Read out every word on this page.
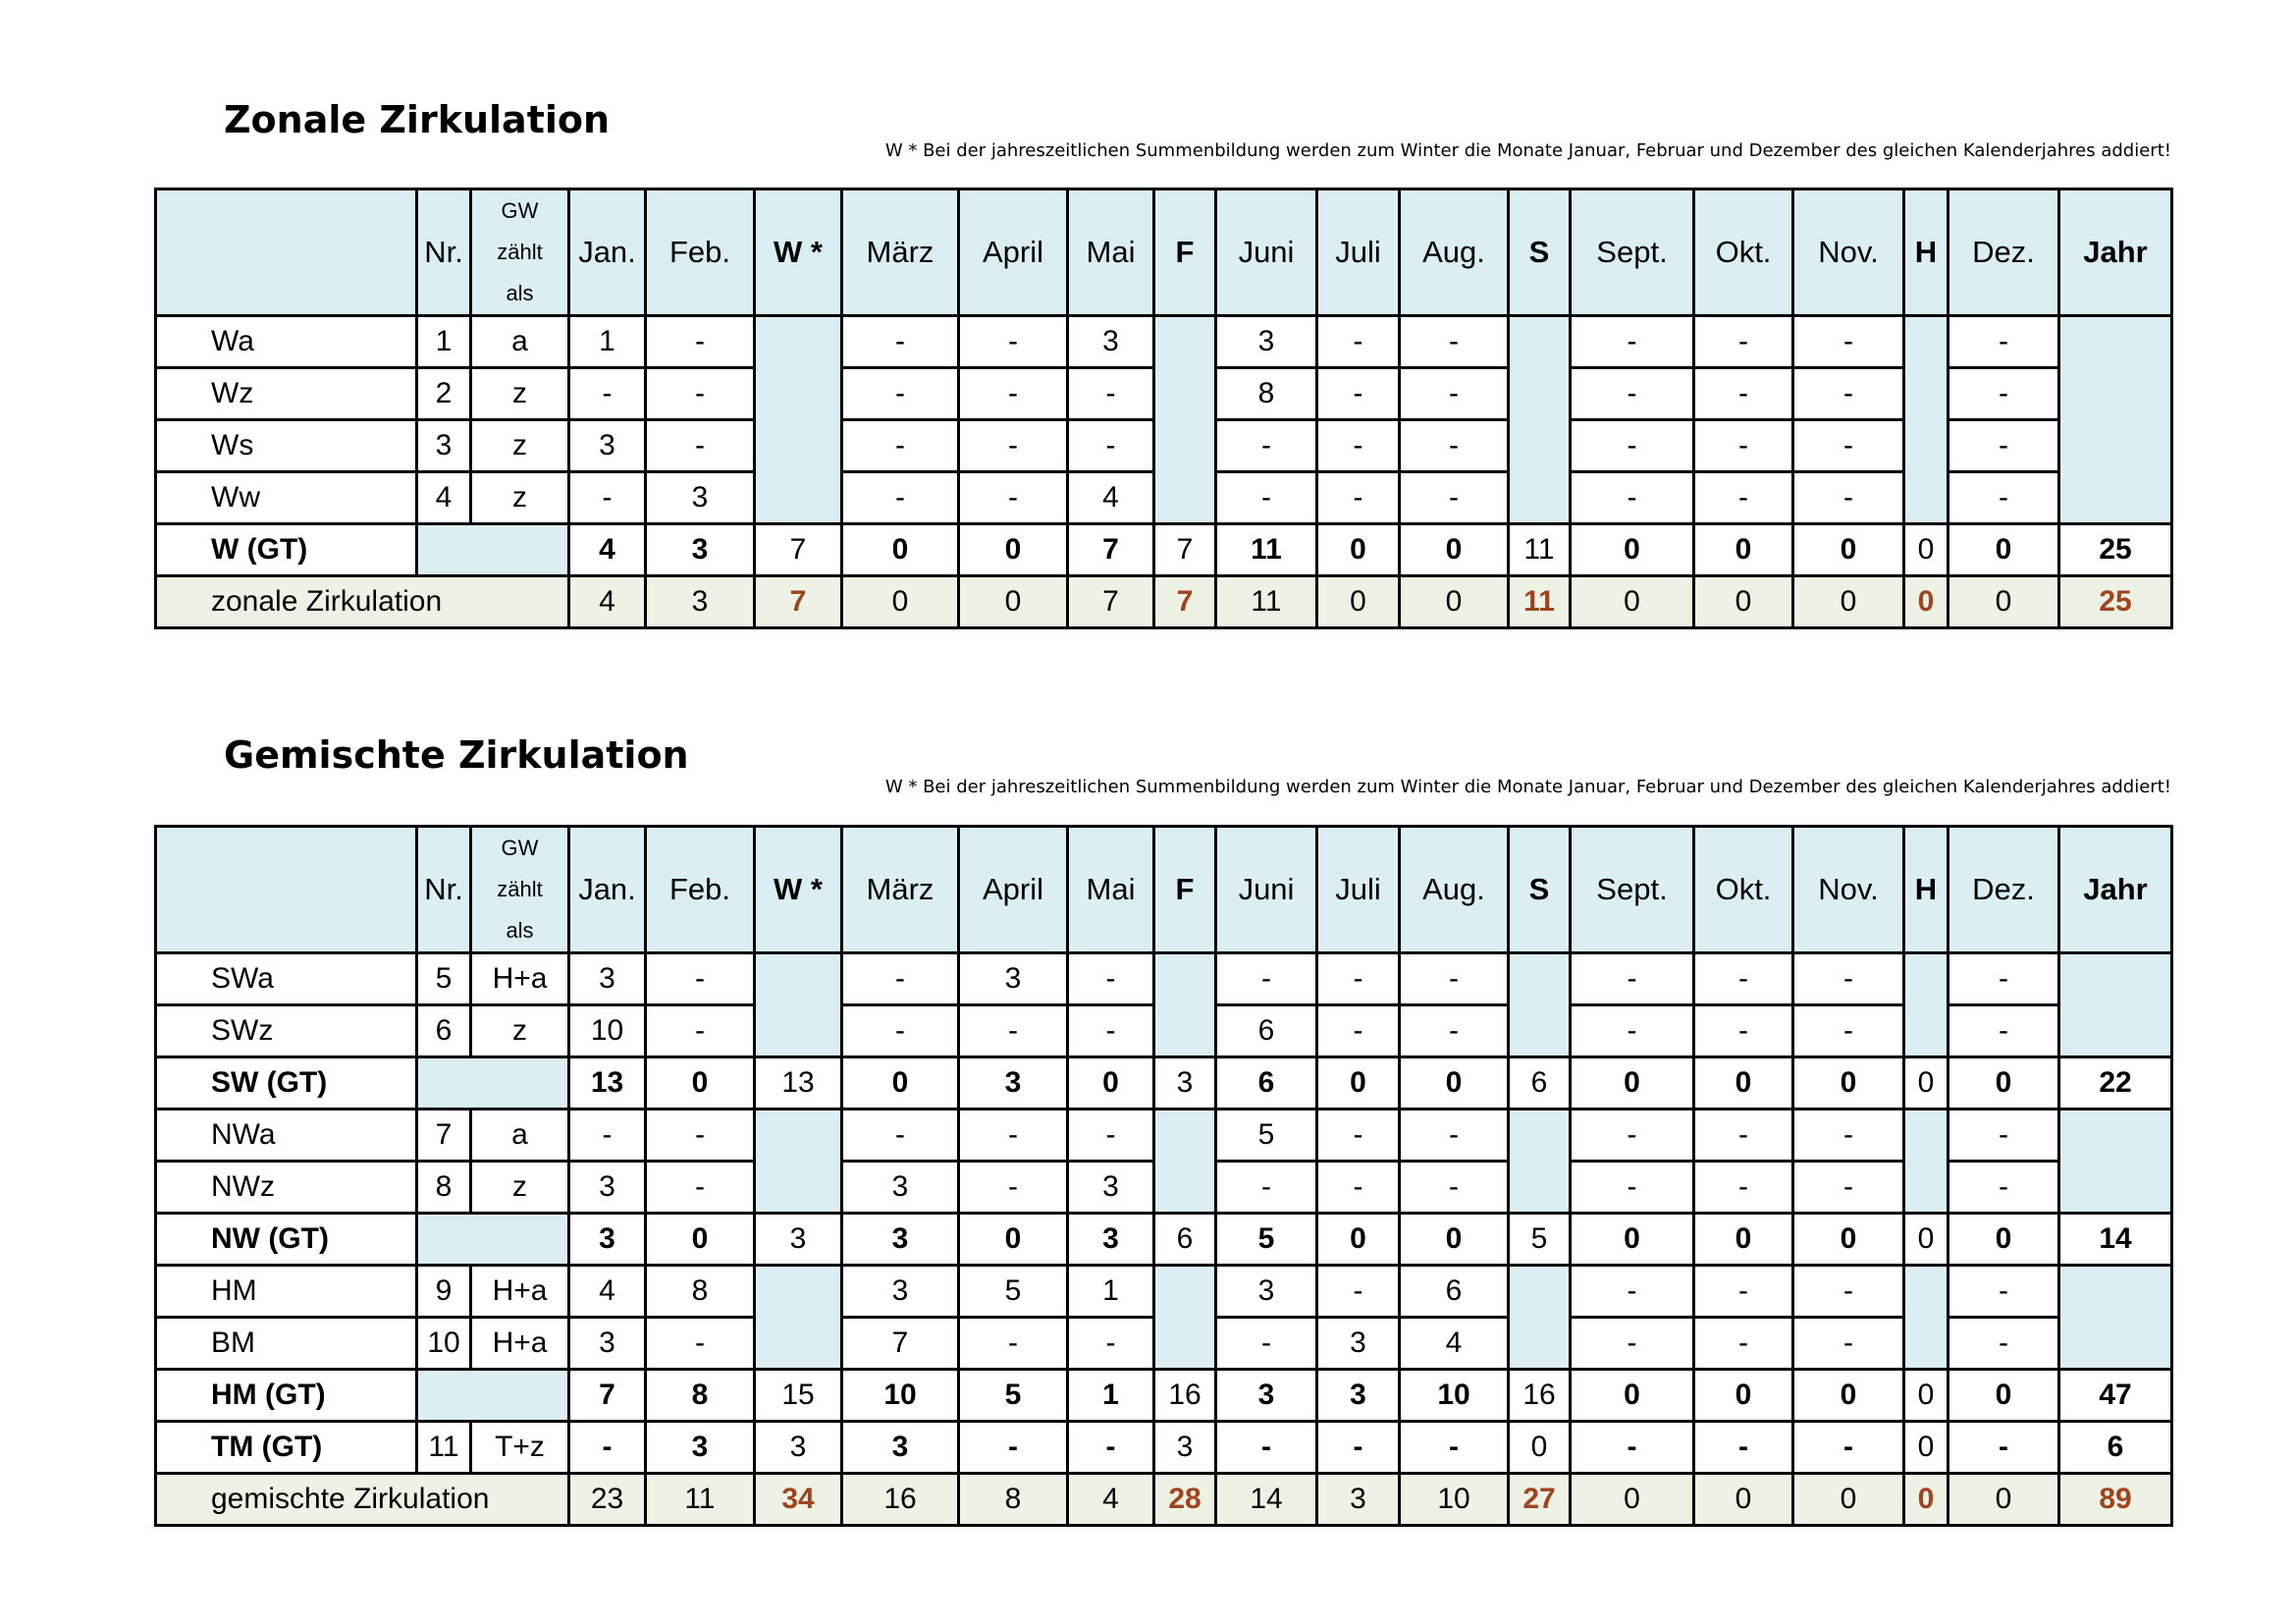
Zonale Zirkulation
W * Bei der jahreszeitlichen Summenbildung werden zum Winter die Monate Januar, Februar und Dezember des gleichen Kalenderjahres addiert!
	Nr.	GW
zählt
als	Jan.	Feb.	W *	März	April	Mai	F	Juni	Juli	Aug.	S	Sept.	Okt.	Nov.	H	Dez.	Jahr
Wa	1	a	1	-		-	-	3		3	-	-		-	-	-		-	
Wz	2	z	-	-		-	-	-		8	-	-		-	-	-		-	
Ws	3	z	3	-		-	-	-		-	-	-		-	-	-		-	
Ww	4	z	-	3		-	-	4		-	-	-		-	-	-		-	
W (GT)			4	3	7	0	0	7	7	11	0	0	11	0	0	0	0	0	25
zonale Zirkulation			4	3	7	0	0	7	7	11	0	0	11	0	0	0	0	0	25
Gemischte Zirkulation
W * Bei der jahreszeitlichen Summenbildung werden zum Winter die Monate Januar, Februar und Dezember des gleichen Kalenderjahres addiert!
	Nr.	GW
zählt
als	Jan.	Feb.	W *	März	April	Mai	F	Juni	Juli	Aug.	S	Sept.	Okt.	Nov.	H	Dez.	Jahr
SWa	5	H+a	3	-		-	3	-		-	-	-		-	-	-		-	
SWz	6	z	10	-		-	-	-		6	-	-		-	-	-		-	
SW (GT)			13	0	13	0	3	0	3	6	0	0	6	0	0	0	0	0	22
NWa	7	a	-	-		-	-	-		5	-	-		-	-	-		-	
NWz	8	z	3	-		3	-	3		-	-	-		-	-	-		-	
NW (GT)			3	0	3	3	0	3	6	5	0	0	5	0	0	0	0	0	14
HM	9	H+a	4	8		3	5	1		3	-	6		-	-	-		-	
BM	10	H+a	3	-		7	-	-		-	3	4		-	-	-		-	
HM (GT)			7	8	15	10	5	1	16	3	3	10	16	0	0	0	0	0	47
TM (GT)	11	T+z	-	3	3	3	-	-	3	-	-	-	0	-	-	-	0	-	6
gemischte Zirkulation			23	11	34	16	8	4	28	14	3	10	27	0	0	0	0	0	89
